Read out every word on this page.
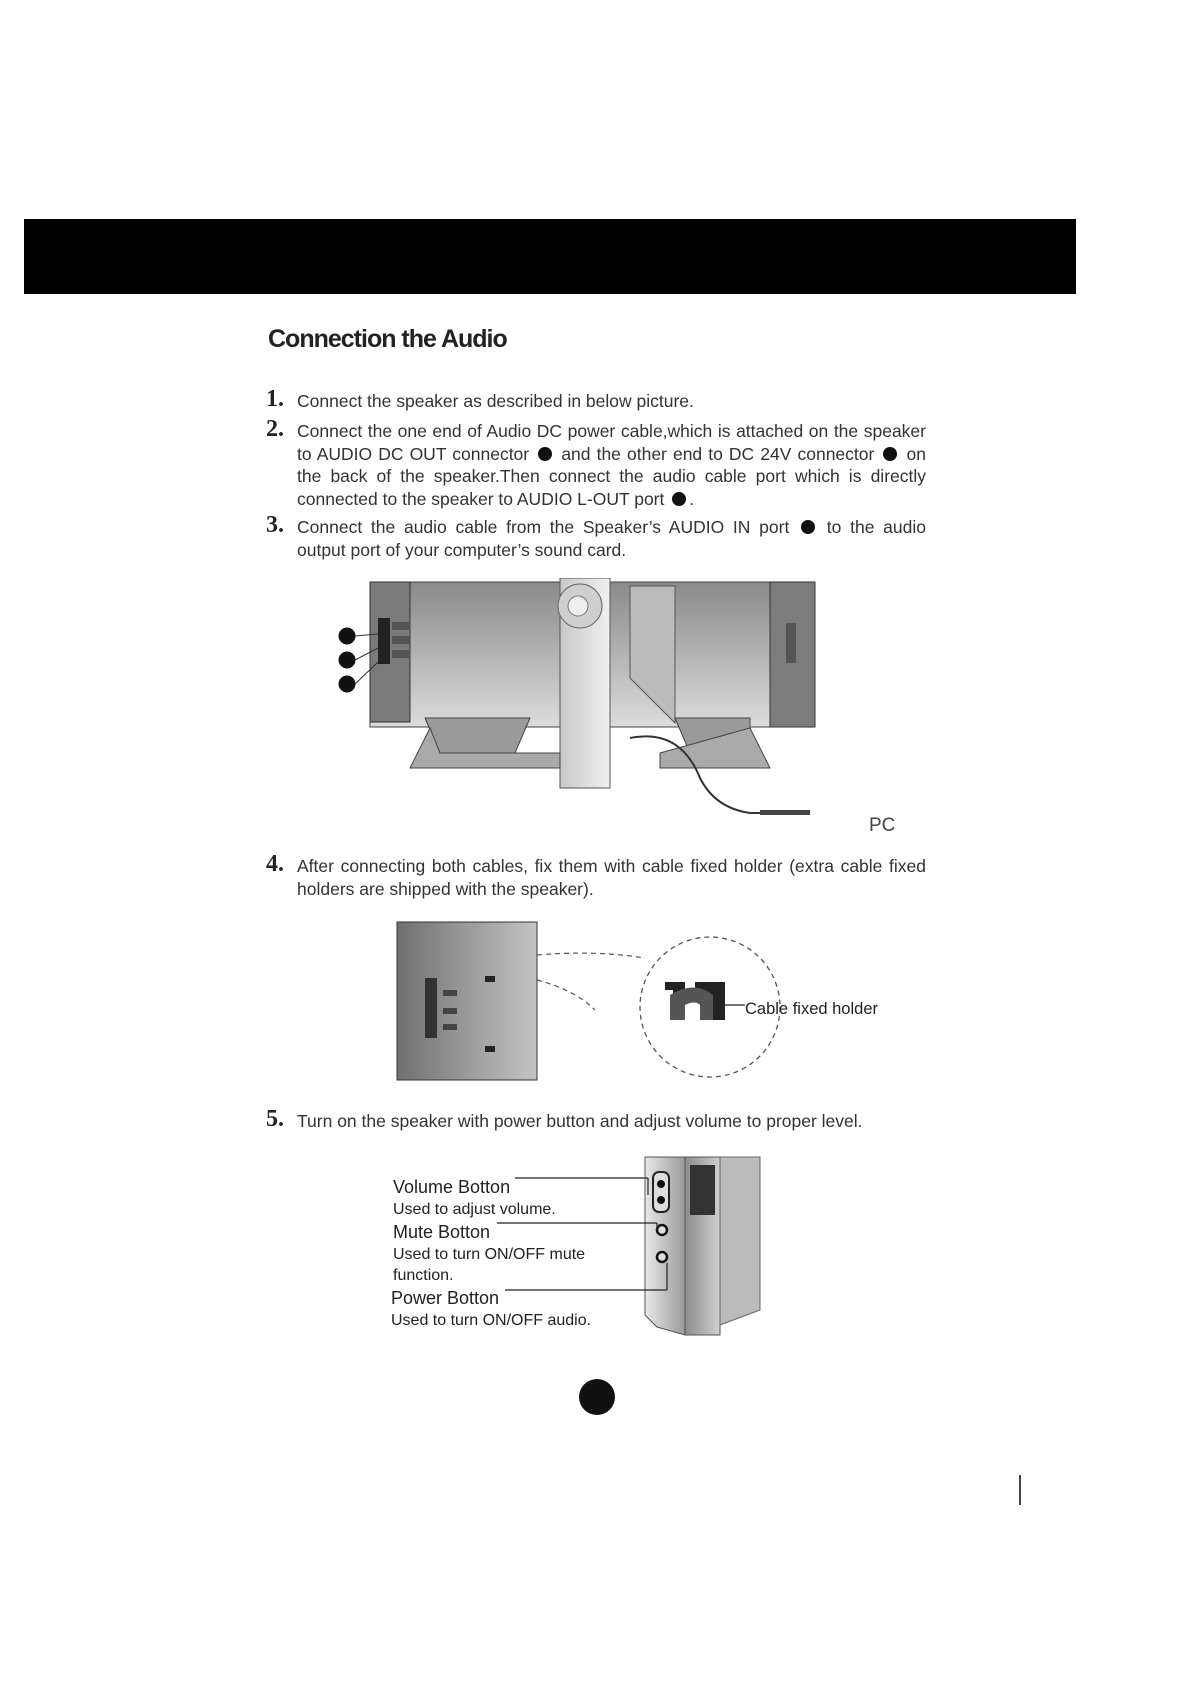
Connection the Audio
1. Connect the speaker as described in below picture.
2. Connect the one end of Audio DC power cable,which is attached on the speaker to AUDIO DC OUT connector and the other end to DC 24V connector on the back of the speaker.Then connect the audio cable port which is directly connected to the speaker to AUDIO L-OUT port .
3. Connect the audio cable from the Speaker’s AUDIO IN port to the audio output port of your computer’s sound card.
PC
4. After connecting both cables, fix them with cable fixed holder (extra cable fixed holders are shipped with the speaker).
Cable fixed holder
5. Turn on the speaker with power button and adjust volume to proper level.
Volume Botton
Used to adjust volume.
Mute Botton
Used to turn ON/OFF mute function.
Power Botton
Used to turn ON/OFF audio.
